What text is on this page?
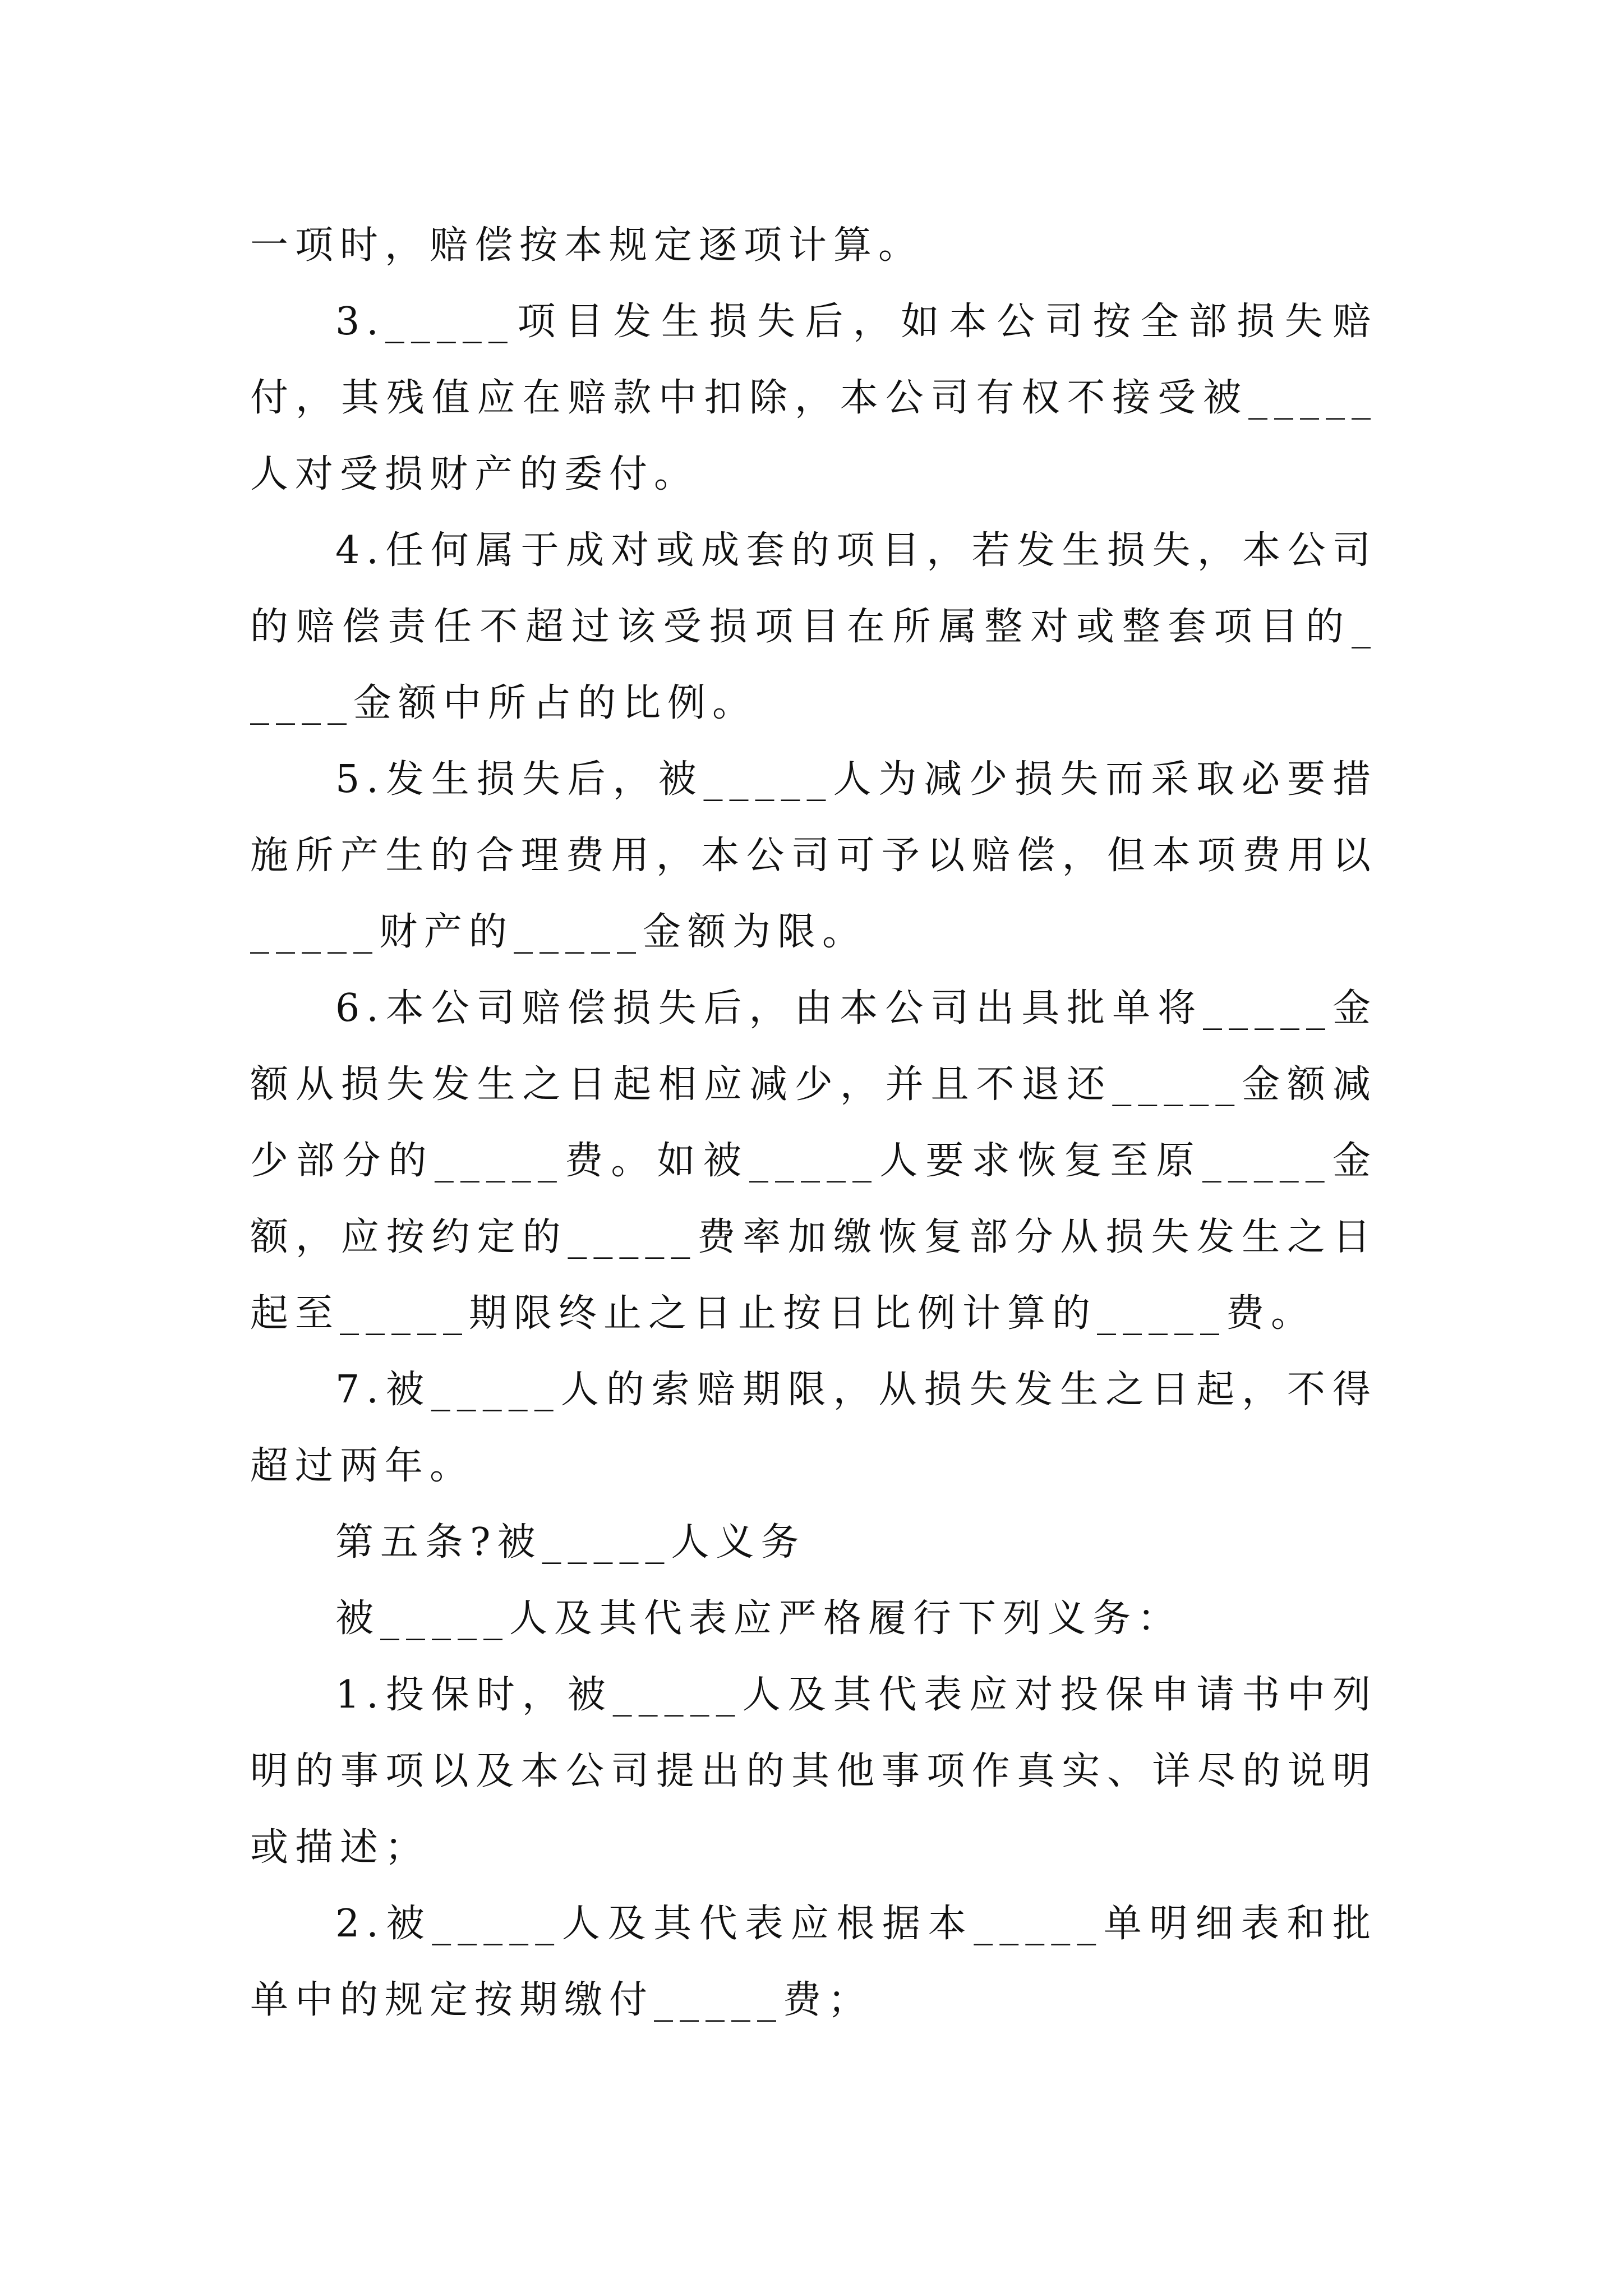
一项时，赔偿按本规定逐项计算。

3._____项目发生损失后，如本公司按全部损失赔付，其残值应在赔款中扣除，本公司有权不接受被_____人对受损财产的委付。

4.任何属于成对或成套的项目，若发生损失，本公司的赔偿责任不超过该受损项目在所属整对或整套项目的_____金额中所占的比例。

5.发生损失后，被_____人为减少损失而采取必要措施所产生的合理费用，本公司可予以赔偿，但本项费用以_____财产的_____金额为限。

6.本公司赔偿损失后，由本公司出具批单将_____金额从损失发生之日起相应减少，并且不退还_____金额减少部分的_____费。如被_____人要求恢复至原_____金额，应按约定的_____费率加缴恢复部分从损失发生之日起至_____期限终止之日止按日比例计算的_____费。

7.被_____人的索赔期限，从损失发生之日起，不得超过两年。

第五条?被_____人义务

被_____人及其代表应严格履行下列义务：

1.投保时，被_____人及其代表应对投保申请书中列明的事项以及本公司提出的其他事项作真实、详尽的说明或描述；

2.被_____人及其代表应根据本_____单明细表和批单中的规定按期缴付_____费；
